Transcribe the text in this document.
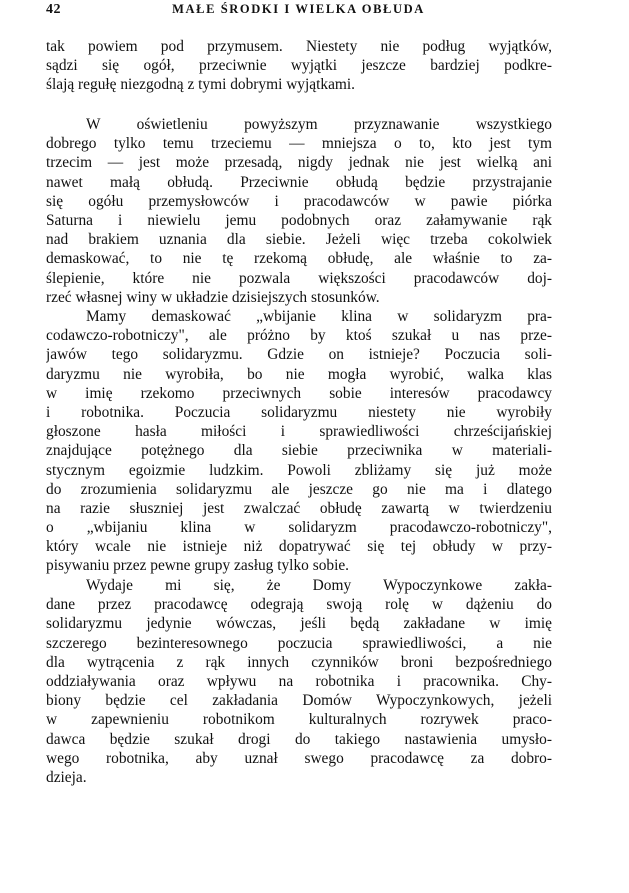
42	MAŁE ŚRODKI I WIELKA OBŁUDA
tak powiem pod przymusem. Niestety nie podług wyjątków,
sądzi się ogół, przeciwnie wyjątki jeszcze bardziej podkre-
ślają regułę niezgodną z tymi dobrymi wyjątkami.
W oświetleniu powyższym przyznawanie wszystkiego
dobrego tylko temu trzeciemu — mniejsza o to, kto jest tym
trzecim — jest może przesadą, nigdy jednak nie jest wielką ani
nawet małą obłudą. Przeciwnie obłudą będzie przystrajanie
się ogółu przemysłowców i pracodawców w pawie piórka
Saturna i niewielu jemu podobnych oraz załamywanie rąk
nad brakiem uznania dla siebie. Jeżeli więc trzeba cokolwiek
demaskować, to nie tę rzekomą obłudę, ale właśnie to za-
ślepienie, które nie pozwala większości pracodawców doj-
rzeć własnej winy w układzie dzisiejszych stosunków.
Mamy demaskować „wbijanie klina w solidaryzm pra-
codawczo-robotniczy", ale próżno by ktoś szukał u nas prze-
jawów tego solidaryzmu. Gdzie on istnieje? Poczucia soli-
daryzmu nie wyrobiła, bo nie mogła wyrobić, walka klas
w imię rzekomo przeciwnych sobie interesów pracodawcy
i robotnika. Poczucia solidaryzmu niestety nie wyrobiły
głoszone hasła miłości i sprawiedliwości chrześcijańskiej
znajdujące potężnego dla siebie przeciwnika w materiali-
stycznym egoizmie ludzkim. Powoli zbliżamy się już może
do zrozumienia solidaryzmu ale jeszcze go nie ma i dlatego
na razie słuszniej jest zwalczać obłudę zawartą w twierdzeniu
o „wbijaniu klina w solidaryzm pracodawczo-robotniczy",
który wcale nie istnieje niż dopatrywać się tej obłudy w przy-
pisywaniu przez pewne grupy zasług tylko sobie.
Wydaje mi się, że Domy Wypoczynkowe zakła-
dane przez pracodawcę odegrają swoją rolę w dążeniu do
solidaryzmu jedynie wówczas, jeśli będą zakładane w imię
szczerego bezinteresownego poczucia sprawiedliwości, a nie
dla wytrącenia z rąk innych czynników broni bezpośredniego
oddziaływania oraz wpływu na robotnika i pracownika. Chy-
biony będzie cel zakładania Domów Wypoczynkowych, jeżeli
w zapewnieniu robotnikom kulturalnych rozrywek praco-
dawca będzie szukał drogi do takiego nastawienia umysło-
wego robotnika, aby uznał swego pracodawcę za dobro-
dzieja.
